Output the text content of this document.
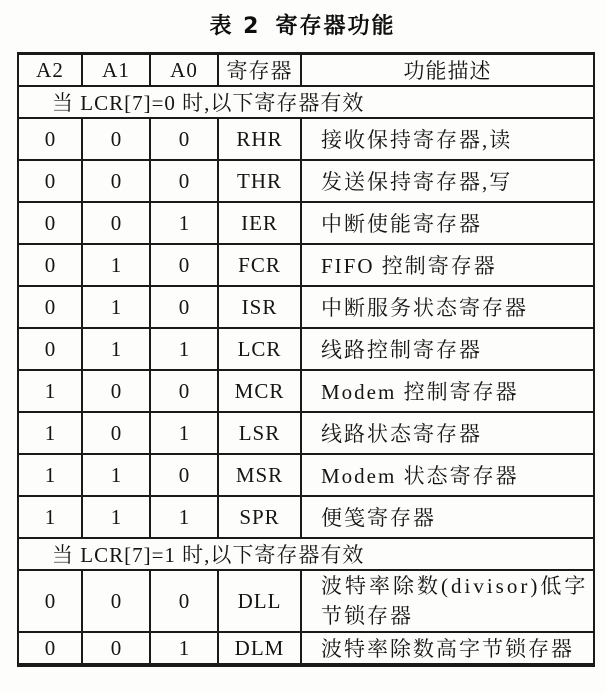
表 2 寄存器功能
A2	A1	A0	寄存器	功能描述
当 LCR[7]=0 时,以下寄存器有效				
0	0	0	RHR	接收保持寄存器,读
0	0	0	THR	发送保持寄存器,写
0	0	1	IER	中断使能寄存器
0	1	0	FCR	FIFO 控制寄存器
0	1	0	ISR	中断服务状态寄存器
0	1	1	LCR	线路控制寄存器
1	0	0	MCR	Modem 控制寄存器
1	0	1	LSR	线路状态寄存器
1	1	0	MSR	Modem 状态寄存器
1	1	1	SPR	便笺寄存器
当 LCR[7]=1 时,以下寄存器有效				
0	0	0	DLL	波特率除数(divisor)低字
节锁存器

0	0	1	DLM	波特率除数高字节锁存器
